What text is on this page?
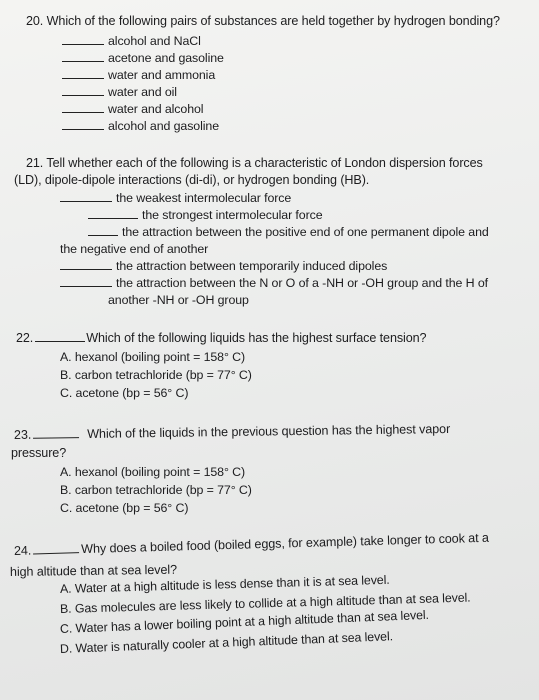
20. Which of the following pairs of substances are held together by hydrogen bonding?
alcohol and NaCl
acetone and gasoline
water and ammonia
water and oil
water and alcohol
alcohol and gasoline
21. Tell whether each of the following is a characteristic of London dispersion forces
(LD), dipole-dipole interactions (di-di), or hydrogen bonding (HB).
the weakest intermolecular force
the strongest intermolecular force
the attraction between the positive end of one permanent dipole and
the negative end of another
the attraction between temporarily induced dipoles
the attraction between the N or O of a -NH or -OH group and the H of
another -NH or -OH group
22.	Which of the following liquids has the highest surface tension?
A. hexanol (boiling point = 158° C)
B. carbon tetrachloride (bp = 77° C)
C. acetone (bp = 56° C)
23.	Which of the liquids in the previous question has the highest vapor
pressure?
A. hexanol (boiling point = 158° C)
B. carbon tetrachloride (bp = 77° C)
C. acetone (bp = 56° C)
24.	Why does a boiled food (boiled eggs, for example) take longer to cook at a
high altitude than at sea level?
A. Water at a high altitude is less dense than it is at sea level.
B. Gas molecules are less likely to collide at a high altitude than at sea level.
C. Water has a lower boiling point at a high altitude than at sea level.
D. Water is naturally cooler at a high altitude than at sea level.
